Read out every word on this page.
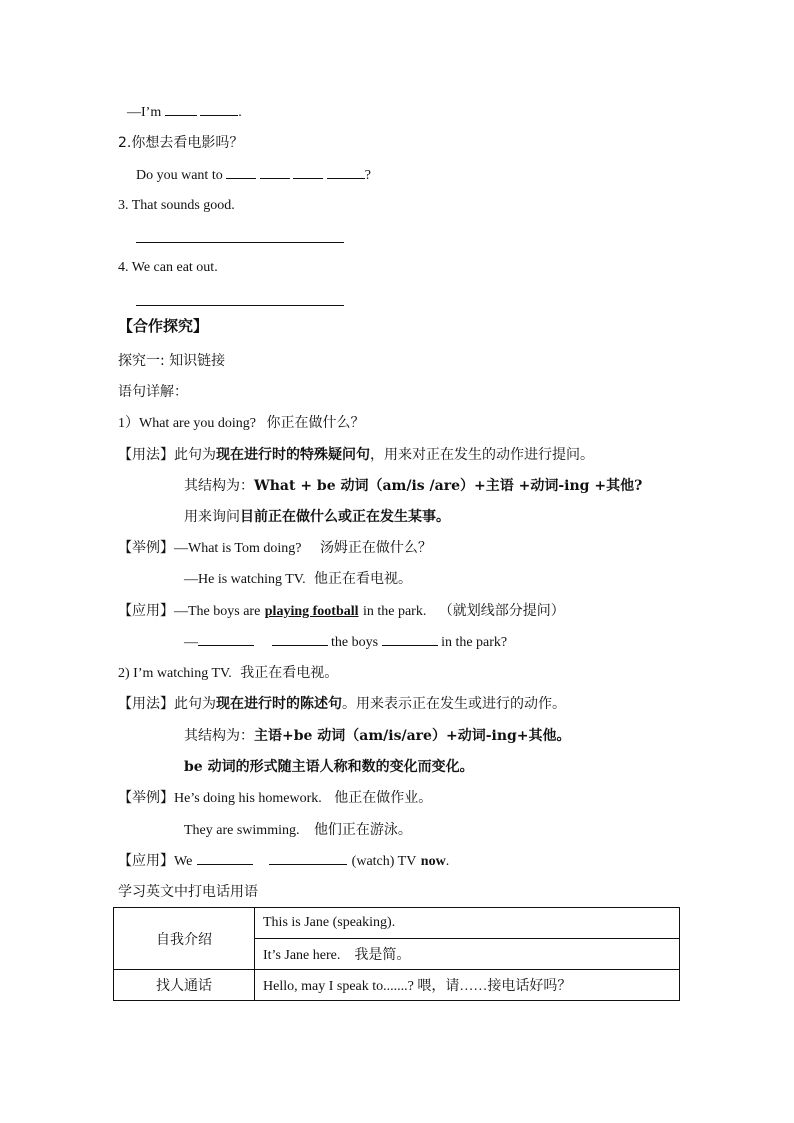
—I’m	.
2.你想去看电影吗？
Do you want to	?
3. That sounds good.
4. We can eat out.
【合作探究】
探究一: 知识链接
语句详解：
1）What are you doing? 你正在做什么？
【用法】此句为现在进行时的特殊疑问句，用来对正在发生的动作进行提问。
其结构为：What + be 动词（am/is /are）+主语 +动词-ing +其他?
用来询问目前正在做什么或正在发生某事。
【举例】—What is Tom doing? 汤姆正在做什么？
—He is watching TV. 他正在看电视。
【应用】—The boys are playing football in the park. （就划线部分提问）
—	the boys	in the park?
2) I’m watching TV. 我正在看电视。
【用法】此句为现在进行时的陈述句。用来表示正在发生或进行的动作。
其结构为：主语+be 动词（am/is/are）+动词-ing+其他。
be 动词的形式随主语人称和数的变化而变化。
【举例】He’s doing his homework. 他正在做作业。
They are swimming. 他们正在游泳。
【应用】We	(watch) TV now.
学习英文中打电话用语
自我介绍	This is Jane (speaking).
	It’s Jane here.　我是简。
找人通话	Hello, may I speak to.......? 喂，请……接电话好吗？
